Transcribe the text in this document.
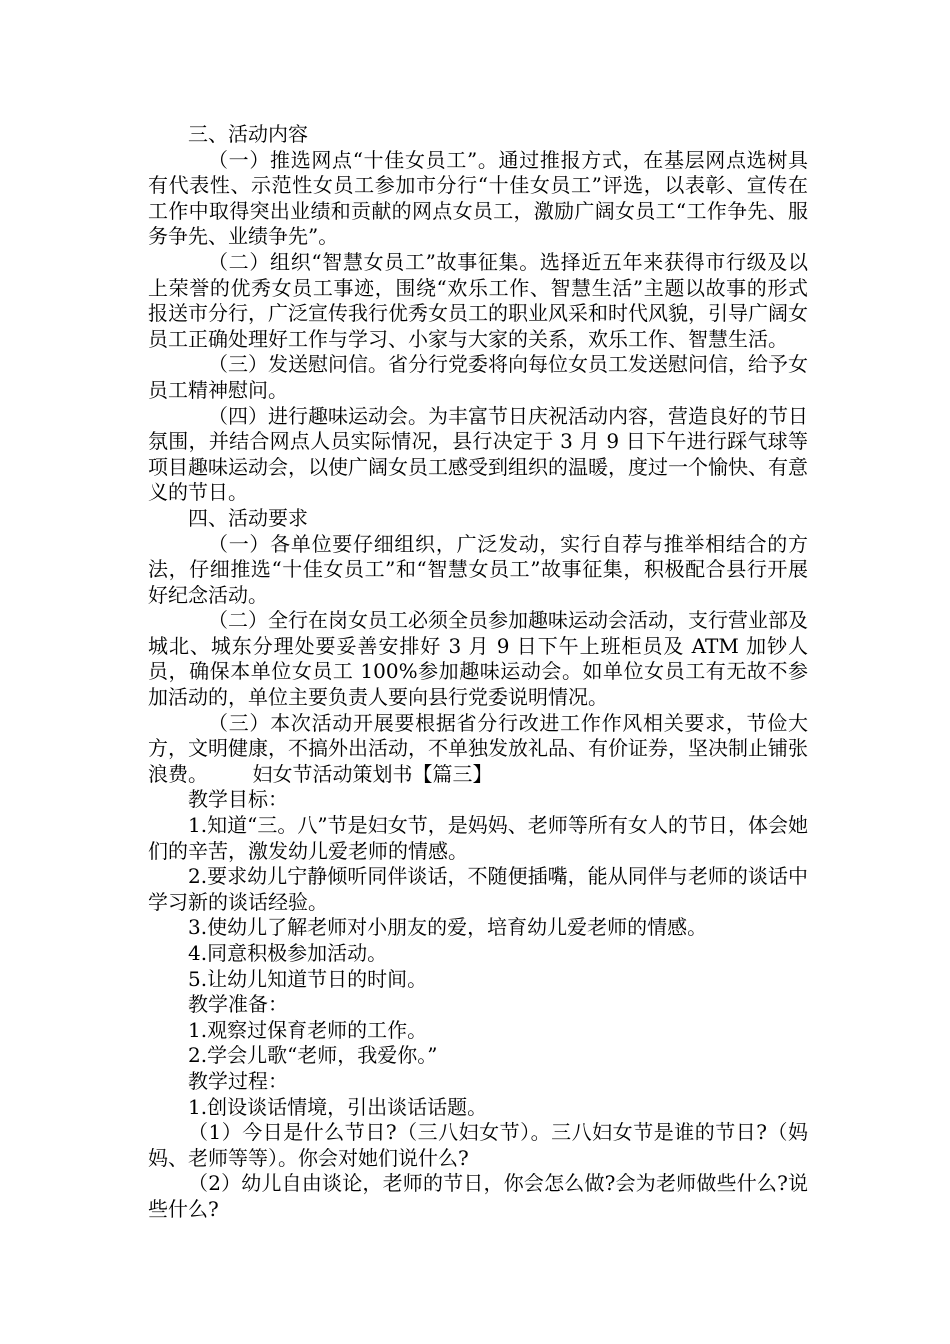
三、活动内容

（一）推选网点“十佳女员工”。通过推报方式，在基层网点选树具有代表性、示范性女员工参加市分行“十佳女员工”评选，以表彰、宣传在工作中取得突出业绩和贡献的网点女员工，激励广阔女员工“工作争先、服务争先、业绩争先”。

（二）组织“智慧女员工”故事征集。选择近五年来获得市行级及以上荣誉的优秀女员工事迹，围绕“欢乐工作、智慧生活”主题以故事的形式报送市分行，广泛宣传我行优秀女员工的职业风采和时代风貌，引导广阔女员工正确处理好工作与学习、小家与大家的关系，欢乐工作、智慧生活。

（三）发送慰问信。省分行党委将向每位女员工发送慰问信，给予女员工精神慰问。

（四）进行趣味运动会。为丰富节日庆祝活动内容，营造良好的节日氛围，并结合网点人员实际情况，县行决定于 3 月 9 日下午进行踩气球等项目趣味运动会，以使广阔女员工感受到组织的温暖，度过一个愉快、有意义的节日。

四、活动要求

（一）各单位要仔细组织，广泛发动，实行自荐与推举相结合的方法，仔细推选“十佳女员工”和“智慧女员工”故事征集，积极配合县行开展好纪念活动。

（二）全行在岗女员工必须全员参加趣味运动会活动，支行营业部及城北、城东分理处要妥善安排好 3 月 9 日下午上班柜员及 ATM 加钞人员，确保本单位女员工 100%参加趣味运动会。如单位女员工有无故不参加活动的，单位主要负责人要向县行党委说明情况。

（三）本次活动开展要根据省分行改进工作作风相关要求，节俭大方，文明健康，不搞外出活动，不单独发放礼品、有价证券，坚决制止铺张浪费。       妇女节活动策划书【篇三】

教学目标：

1.知道“三。八”节是妇女节，是妈妈、老师等所有女人的节日，体会她们的辛苦，激发幼儿爱老师的情感。

2.要求幼儿宁静倾听同伴谈话，不随便插嘴，能从同伴与老师的谈话中学习新的谈话经验。

3.使幼儿了解老师对小朋友的爱，培育幼儿爱老师的情感。

4.同意积极参加活动。

5.让幼儿知道节日的时间。

教学准备：

1.观察过保育老师的工作。

2.学会儿歌“老师，我爱你。”

教学过程：

1.创设谈话情境，引出谈话话题。

（1）今日是什么节日?（三八妇女节）。三八妇女节是谁的节日?（妈妈、老师等等）。你会对她们说什么?

（2）幼儿自由谈论，老师的节日，你会怎么做?会为老师做些什么?说些什么?
